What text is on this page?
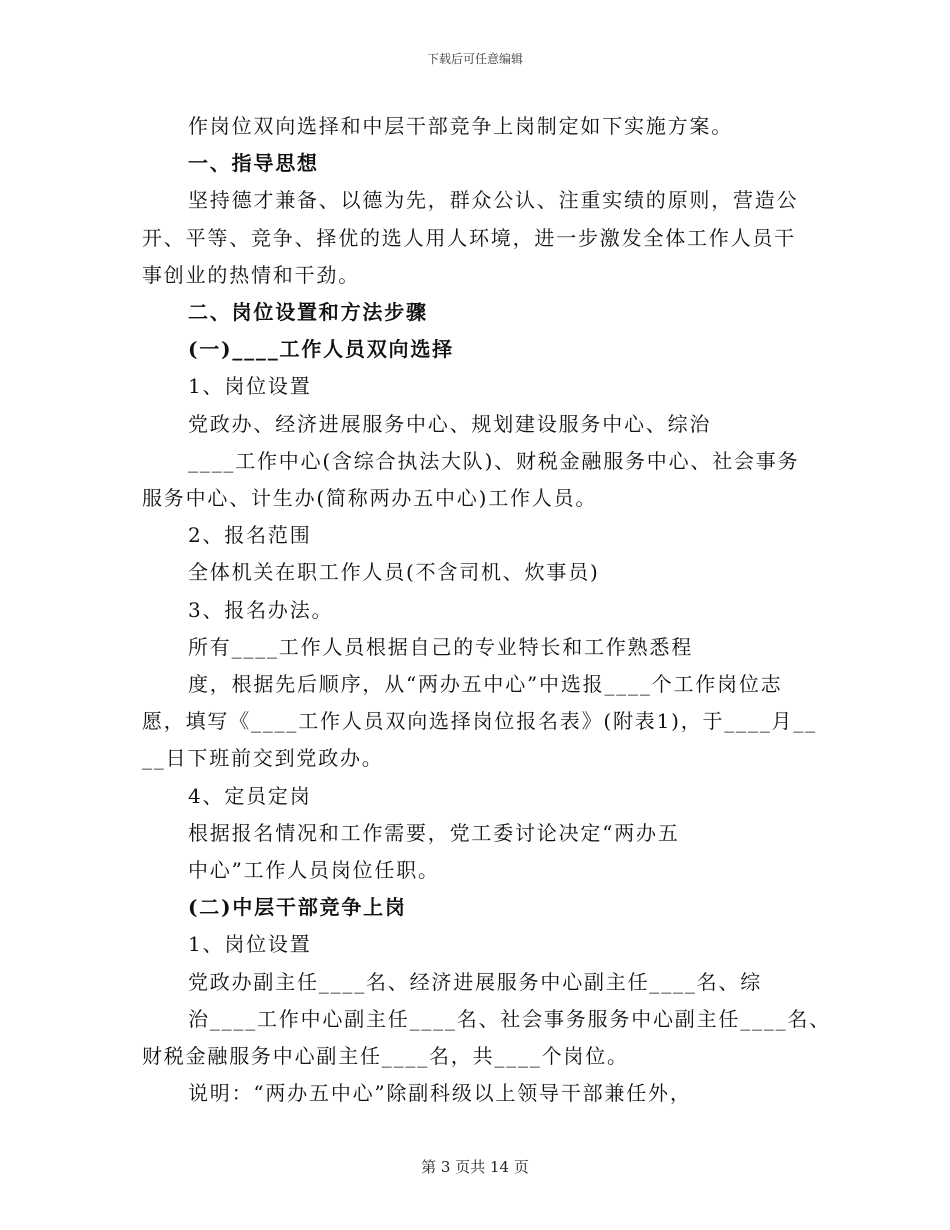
下载后可任意编辑
作岗位双向选择和中层干部竞争上岗制定如下实施方案。
一、指导思想
坚持德才兼备、以德为先，群众公认、注重实绩的原则，营造公
开、平等、竞争、择优的选人用人环境，进一步激发全体工作人员干
事创业的热情和干劲。
二、岗位设置和方法步骤
(一)____工作人员双向选择
1、岗位设置
党政办、经济进展服务中心、规划建设服务中心、综治
____工作中心(含综合执法大队)、财税金融服务中心、社会事务
服务中心、计生办(简称两办五中心)工作人员。
2、报名范围
全体机关在职工作人员(不含司机、炊事员)
3、报名办法。
所有____工作人员根据自己的专业特长和工作熟悉程
度，根据先后顺序，从“两办五中心”中选报____个工作岗位志
愿，填写《____工作人员双向选择岗位报名表》(附表1)，于____月__
__日下班前交到党政办。
4、定员定岗
根据报名情况和工作需要，党工委讨论决定“两办五
中心”工作人员岗位任职。
(二)中层干部竞争上岗
1、岗位设置
党政办副主任____名、经济进展服务中心副主任____名、综
治____工作中心副主任____名、社会事务服务中心副主任____名、
财税金融服务中心副主任____名，共____个岗位。
说明：“两办五中心”除副科级以上领导干部兼任外，
第 3 页共 14 页
